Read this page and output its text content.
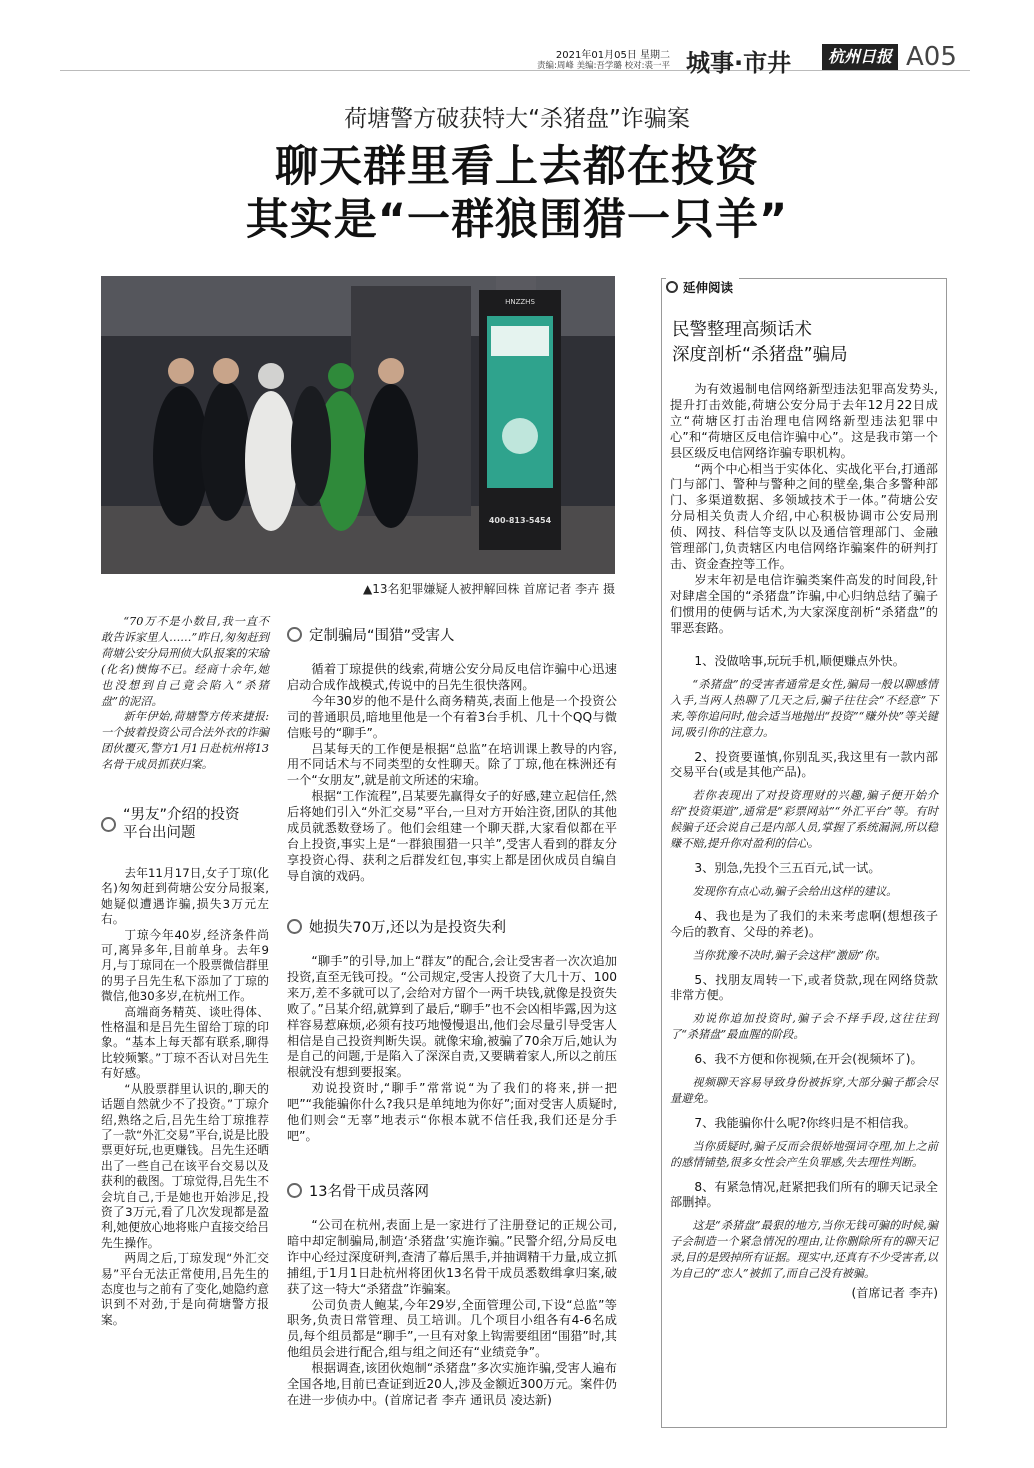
2021年01月05日 星期二
责编:周峰 美编:吾学璐 校对:裘一平 城事·市井	杭州日报 A05
荷塘警方破获特大“杀猪盘”诈骗案
聊天群里看上去都在投资
其实是“一群狼围猎一只羊”
HNZZHS
400-813-5454
▲13名犯罪嫌疑人被押解回株 首席记者 李卉 摄

“70万不是小数目,我一直不敢告诉家里人……”昨日,匆匆赶到荷塘公安分局刑侦大队报案的宋瑜(化名)懊悔不已。经商十余年,她也没想到自己竟会陷入“杀猪盘”的泥沼。

新年伊始,荷塘警方传来捷报:一个披着投资公司合法外衣的诈骗团伙覆灭,警方1月1日赴杭州将13名骨干成员抓获归案。

“男友”介绍的投资
平台出问题

去年11月17日,女子丁琼(化名)匆匆赶到荷塘公安分局报案,她疑似遭遇诈骗,损失3万元左右。

丁琼今年40岁,经济条件尚可,离异多年,目前单身。去年9月,与丁琼同在一个股票微信群里的男子吕先生私下添加了丁琼的微信,他30多岁,在杭州工作。

高端商务精英、谈吐得体、性格温和是吕先生留给丁琼的印象。“基本上每天都有联系,聊得比较频繁。”丁琼不否认对吕先生有好感。

“从股票群里认识的,聊天的话题自然就少不了投资。”丁琼介绍,熟络之后,吕先生给丁琼推荐了一款“外汇交易”平台,说是比股票更好玩,也更赚钱。吕先生还晒出了一些自己在该平台交易以及获利的截图。丁琼觉得,吕先生不会坑自己,于是她也开始涉足,投资了3万元,看了几次发现都是盈利,她便放心地将账户直接交给吕先生操作。

两周之后,丁琼发现“外汇交易”平台无法正常使用,吕先生的态度也与之前有了变化,她隐约意识到不对劲,于是向荷塘警方报案。

定制骗局“围猎”受害人

循着丁琼提供的线索,荷塘公安分局反电信诈骗中心迅速启动合成作战模式,传说中的吕先生很快落网。

今年30岁的他不是什么商务精英,表面上他是一个投资公司的普通职员,暗地里他是一个有着3台手机、几十个QQ与微信账号的“聊手”。

吕某每天的工作便是根据“总监”在培训课上教导的内容,用不同话术与不同类型的女性聊天。除了丁琼,他在株洲还有一个“女朋友”,就是前文所述的宋瑜。

根据“工作流程”,吕某要先赢得女子的好感,建立起信任,然后将她们引入“外汇交易”平台,一旦对方开始注资,团队的其他成员就悉数登场了。他们会组建一个聊天群,大家看似都在平台上投资,事实上是“一群狼围猎一只羊”,受害人看到的群友分享投资心得、获利之后群发红包,事实上都是团伙成员自编自导自演的戏码。

她损失70万,还以为是投资失利

“聊手”的引导,加上“群友”的配合,会让受害者一次次追加投资,直至无钱可投。“公司规定,受害人投资了大几十万、100来万,差不多就可以了,会给对方留个一两千块钱,就像是投资失败了。”吕某介绍,就算到了最后,“聊手”也不会凶相毕露,因为这样容易惹麻烦,必须有技巧地慢慢退出,他们会尽量引导受害人相信是自己投资判断失误。就像宋瑜,被骗了70余万后,她认为是自己的问题,于是陷入了深深自责,又要瞒着家人,所以之前压根就没有想到要报案。

劝说投资时,“聊手”常常说“为了我们的将来,拼一把吧”“我能骗你什么?我只是单纯地为你好”;面对受害人质疑时,他们则会“无辜”地表示“你根本就不信任我,我们还是分手吧”。

13名骨干成员落网

“公司在杭州,表面上是一家进行了注册登记的正规公司,暗中却定制骗局,制造‘杀猪盘’实施诈骗。”民警介绍,分局反电诈中心经过深度研判,查清了幕后黑手,并抽调精干力量,成立抓捕组,于1月1日赴杭州将团伙13名骨干成员悉数缉拿归案,破获了这一特大“杀猪盘”诈骗案。

公司负责人鲍某,今年29岁,全面管理公司,下设“总监”等职务,负责日常管理、员工培训。几个项目小组各有4-6名成员,每个组员都是“聊手”,一旦有对象上钩需要组团“围猎”时,其他组员会进行配合,组与组之间还有“业绩竞争”。

根据调查,该团伙炮制“杀猪盘”多次实施诈骗,受害人遍布全国各地,目前已查证到近20人,涉及金额近300万元。案件仍在进一步侦办中。(首席记者 李卉 通讯员 凌达新)

延伸阅读
民警整理高频话术
深度剖析“杀猪盘”骗局

为有效遏制电信网络新型违法犯罪高发势头,提升打击效能,荷塘公安分局于去年12月22日成立“荷塘区打击治理电信网络新型违法犯罪中心”和“荷塘区反电信诈骗中心”。这是我市第一个县区级反电信网络诈骗专职机构。

“两个中心相当于实体化、实战化平台,打通部门与部门、警种与警种之间的壁垒,集合多警种部门、多渠道数据、多领域技术于一体。”荷塘公安分局相关负责人介绍,中心积极协调市公安局刑侦、网技、科信等支队以及通信管理部门、金融管理部门,负责辖区内电信网络诈骗案件的研判打击、资金查控等工作。

岁末年初是电信诈骗类案件高发的时间段,针对肆虐全国的“杀猪盘”诈骗,中心归纳总结了骗子们惯用的使俩与话术,为大家深度剖析“杀猪盘”的罪恶套路。

1、没做啥事,玩玩手机,顺便赚点外快。

“杀猪盘”的受害者通常是女性,骗局一般以聊感情入手,当两人热聊了几天之后,骗子往往会“不经意”下来,等你追问时,他会适当地抛出“投资”“赚外快”等关键词,吸引你的注意力。

2、投资要谨慎,你别乱买,我这里有一款内部交易平台(或是其他产品)。

若你表现出了对投资理财的兴趣,骗子便开始介绍“投资渠道”,通常是“彩票网站”“外汇平台”等。有时候骗子还会说自己是内部人员,掌握了系统漏洞,所以稳赚不赔,提升你对盈利的信心。

3、别急,先投个三五百元,试一试。

发现你有点心动,骗子会给出这样的建议。

4、我也是为了我们的未来考虑啊(想想孩子今后的教育、父母的养老)。

当你犹豫不决时,骗子会这样“激励”你。

5、找朋友周转一下,或者贷款,现在网络贷款非常方便。

劝说你追加投资时,骗子会不择手段,这往往到了“杀猪盘”最血腥的阶段。

6、我不方便和你视频,在开会(视频坏了)。

视频聊天容易导致身份被拆穿,大部分骗子都会尽量避免。

7、我能骗你什么呢?你终归是不相信我。

当你质疑时,骗子反而会很娇地强词夺理,加上之前的感情铺垫,很多女性会产生负罪感,失去理性判断。

8、有紧急情况,赶紧把我们所有的聊天记录全部删掉。

这是“杀猪盘”最狠的地方,当你无钱可骗的时候,骗子会制造一个紧急情况的理由,让你删除所有的聊天记录,目的是毁掉所有证据。现实中,还真有不少受害者,以为自己的“恋人”被抓了,而自己没有被骗。

(首席记者 李卉)
